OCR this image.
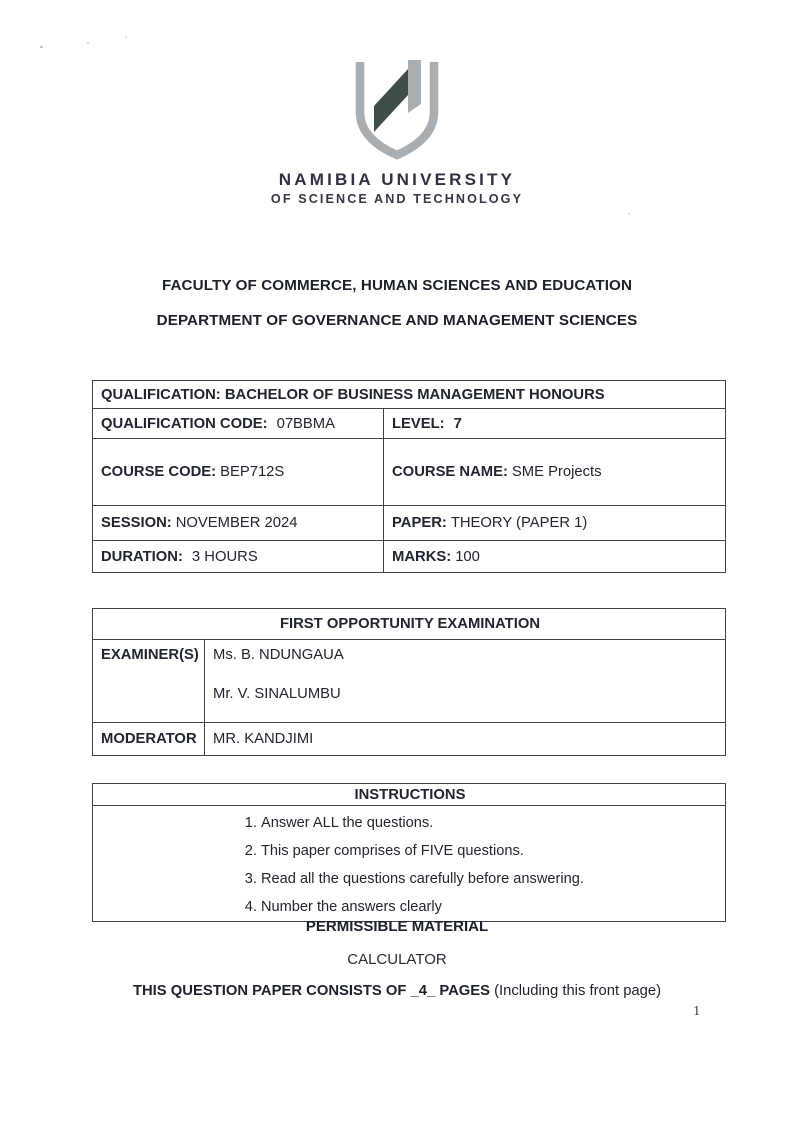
NAMIBIA UNIVERSITY
OF SCIENCE AND TECHNOLOGY
FACULTY OF COMMERCE, HUMAN SCIENCES AND EDUCATION
DEPARTMENT OF GOVERNANCE AND MANAGEMENT SCIENCES
QUALIFICATION: BACHELOR OF BUSINESS MANAGEMENT HONOURS	
QUALIFICATION CODE: 07BBMA	LEVEL: 7
COURSE CODE: BEP712S	COURSE NAME: SME Projects
SESSION: NOVEMBER 2024	PAPER: THEORY (PAPER 1)
DURATION: 3 HOURS	MARKS: 100
FIRST OPPORTUNITY EXAMINATION	
EXAMINER(S)	Ms. B. NDUNGAUA
Mr. V. SINALUMBU

MODERATOR	MR. KANDJIMI
INSTRUCTIONS

1. Answer ALL the questions.
2. This paper comprises of FIVE questions.
3. Read all the questions carefully before answering.
4. Number the answers clearly
PERMISSIBLE MATERIAL
CALCULATOR
THIS QUESTION PAPER CONSISTS OF _4_ PAGES (Including this front page)
1
